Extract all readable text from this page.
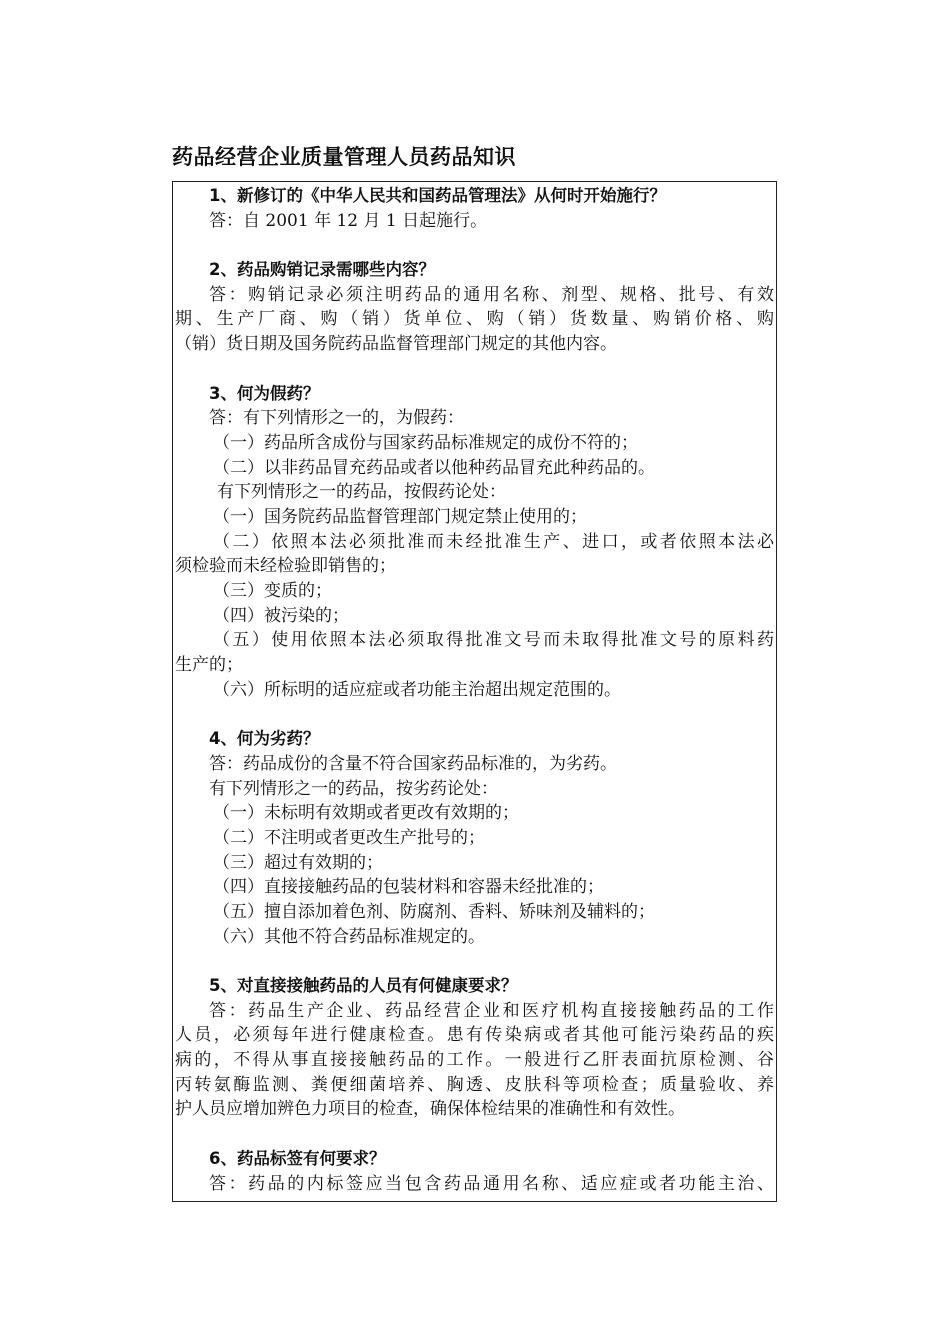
药品经营企业质量管理人员药品知识
1、新修订的《中华人民共和国药品管理法》从何时开始施行？
答：自 2001 年 12 月 1 日起施行。
2、药品购销记录需哪些内容？
答：购销记录必须注明药品的通用名称、剂型、规格、批号、有效
期、生产厂商、购（销）货单位、购（销）货数量、购销价格、购
（销）货日期及国务院药品监督管理部门规定的其他内容。
3、何为假药？
答：有下列情形之一的，为假药：
（一）药品所含成份与国家药品标准规定的成份不符的；
（二）以非药品冒充药品或者以他种药品冒充此种药品的。
有下列情形之一的药品，按假药论处：
（一）国务院药品监督管理部门规定禁止使用的；
（二）依照本法必须批准而未经批准生产、进口，或者依照本法必
须检验而未经检验即销售的；
（三）变质的；
（四）被污染的；
（五）使用依照本法必须取得批准文号而未取得批准文号的原料药
生产的；
（六）所标明的适应症或者功能主治超出规定范围的。
4、何为劣药？
答：药品成份的含量不符合国家药品标准的，为劣药。
有下列情形之一的药品，按劣药论处：
（一）未标明有效期或者更改有效期的；
（二）不注明或者更改生产批号的；
（三）超过有效期的；
（四）直接接触药品的包装材料和容器未经批准的；
（五）擅自添加着色剂、防腐剂、香料、矫味剂及辅料的；
（六）其他不符合药品标准规定的。
5、对直接接触药品的人员有何健康要求？
答：药品生产企业、药品经营企业和医疗机构直接接触药品的工作
人员，必须每年进行健康检查。患有传染病或者其他可能污染药品的疾
病的，不得从事直接接触药品的工作。一般进行乙肝表面抗原检测、谷
丙转氨酶监测、粪便细菌培养、胸透、皮肤科等项检查；质量验收、养
护人员应增加辨色力项目的检查，确保体检结果的准确性和有效性。
6、药品标签有何要求？
答：药品的内标签应当包含药品通用名称、适应症或者功能主治、
